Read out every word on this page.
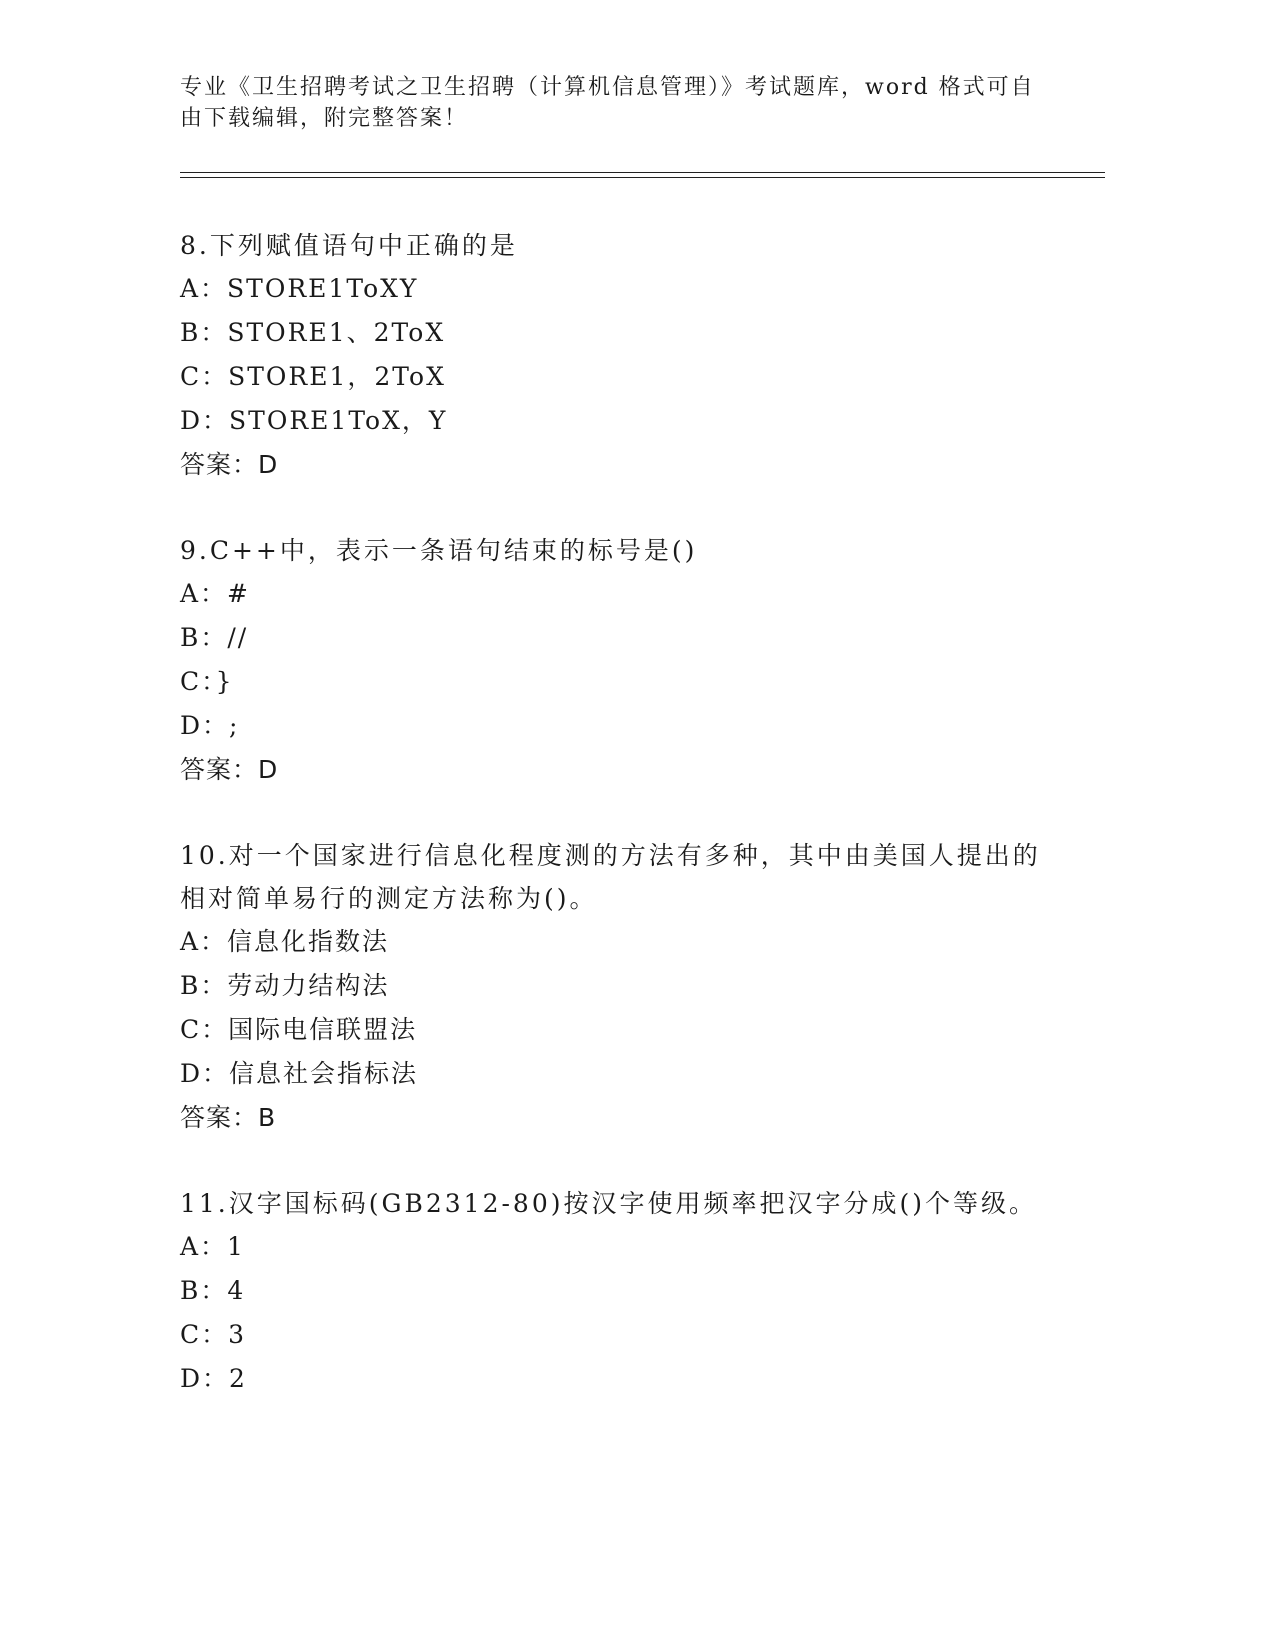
专业《卫生招聘考试之卫生招聘（计算机信息管理）》考试题库，word 格式可自
由下载编辑，附完整答案！

8.下列赋值语句中正确的是

A：STORE1ToXY

B：STORE1、2ToX

C：STORE1，2ToX

D：STORE1ToX，Y

答案：D

9.C++中，表示一条语句结束的标号是()

A：#

B：//

C：}

D：;

答案：D

10.对一个国家进行信息化程度测的方法有多种，其中由美国人提出的

相对简单易行的测定方法称为()。

A：信息化指数法

B：劳动力结构法

C：国际电信联盟法

D：信息社会指标法

答案：B

11.汉字国标码(GB2312-80)按汉字使用频率把汉字分成()个等级。

A：1

B：4

C：3

D：2
